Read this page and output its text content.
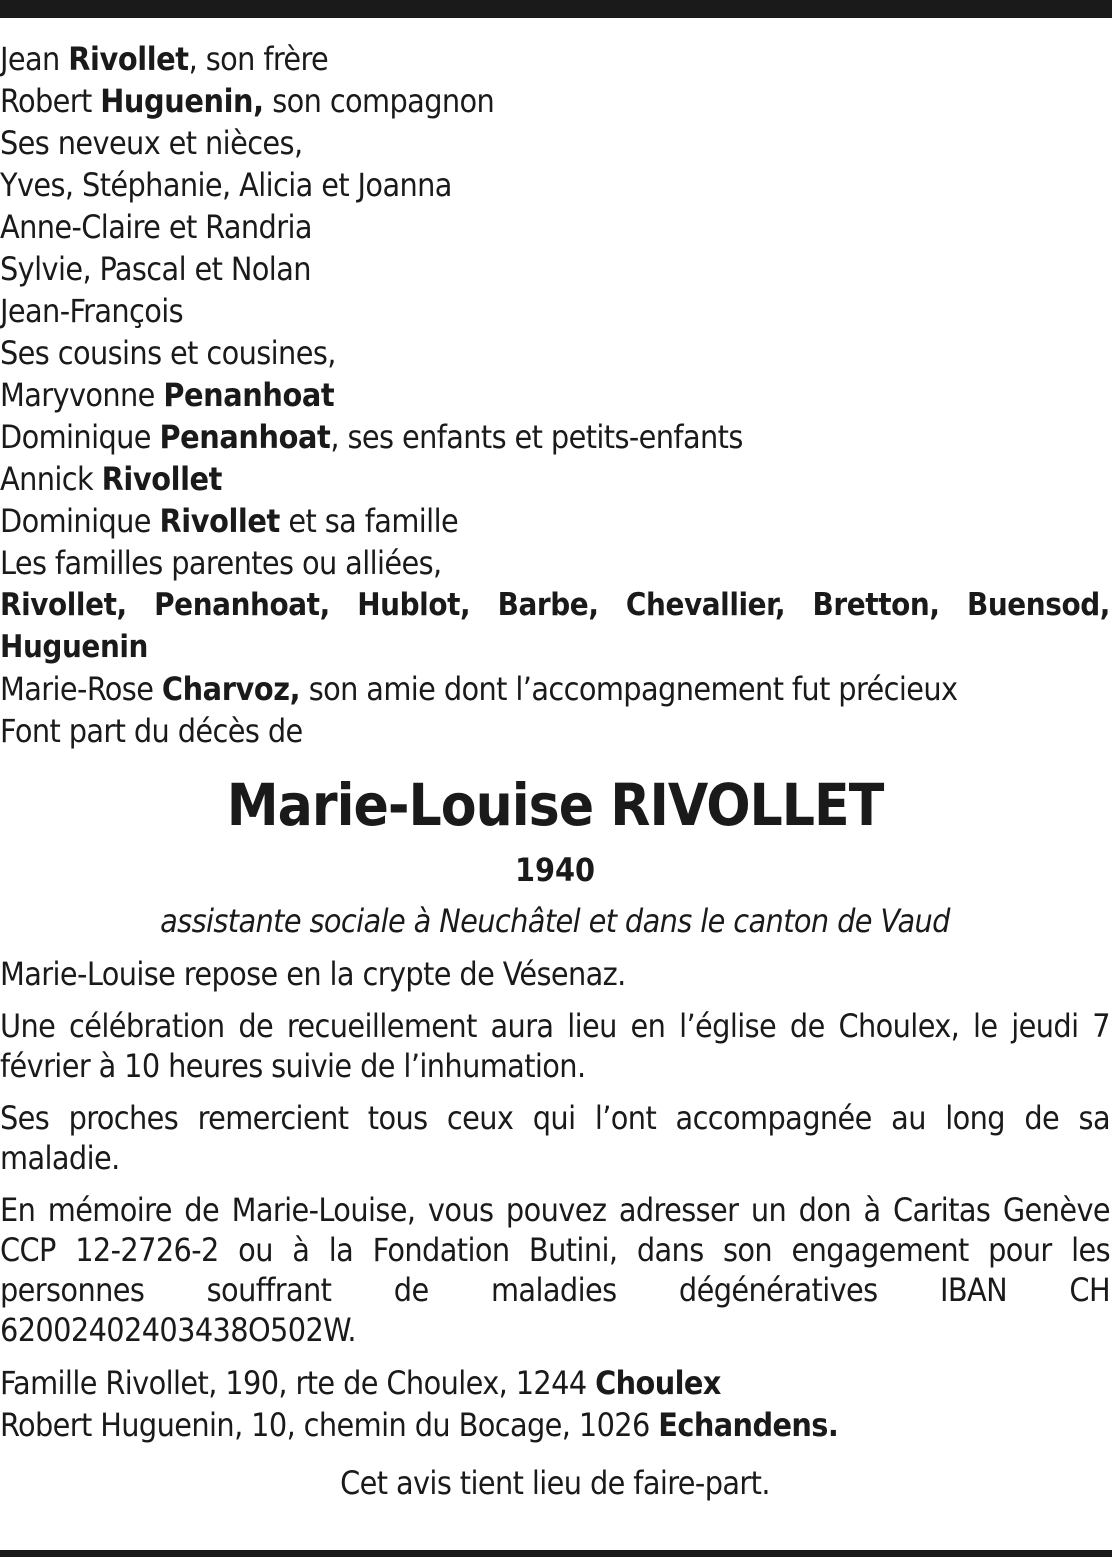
Jean Rivollet, son frère
Robert Huguenin, son compagnon
Ses neveux et nièces,
Yves, Stéphanie, Alicia et Joanna
Anne-Claire et Randria
Sylvie, Pascal et Nolan
Jean-François
Ses cousins et cousines,
Maryvonne Penanhoat
Dominique Penanhoat, ses enfants et petits-enfants
Annick Rivollet
Dominique Rivollet et sa famille
Les familles parentes ou alliées,
Rivollet, Penanhoat, Hublot, Barbe, Chevallier, Bretton, Buensod, Huguenin
Marie-Rose Charvoz, son amie dont l’accompagnement fut précieux
Font part du décès de
Marie-Louise RIVOLLET
1940
assistante sociale à Neuchâtel et dans le canton de Vaud
Marie-Louise repose en la crypte de Vésenaz.
Une célébration de recueillement aura lieu en l’église de Choulex, le jeudi 7 février à 10 heures suivie de l’inhumation.
Ses proches remercient tous ceux qui l’ont accompagnée au long de sa maladie.
En mémoire de Marie-Louise, vous pouvez adresser un don à Caritas Genève CCP 12-2726-2 ou à la Fondation Butini, dans son engagement pour les personnes souffrant de maladies dégénératives IBAN CH 62002402403438O502W.
Famille Rivollet, 190, rte de Choulex, 1244 Choulex
Robert Huguenin, 10, chemin du Bocage, 1026 Echandens.
Cet avis tient lieu de faire-part.
